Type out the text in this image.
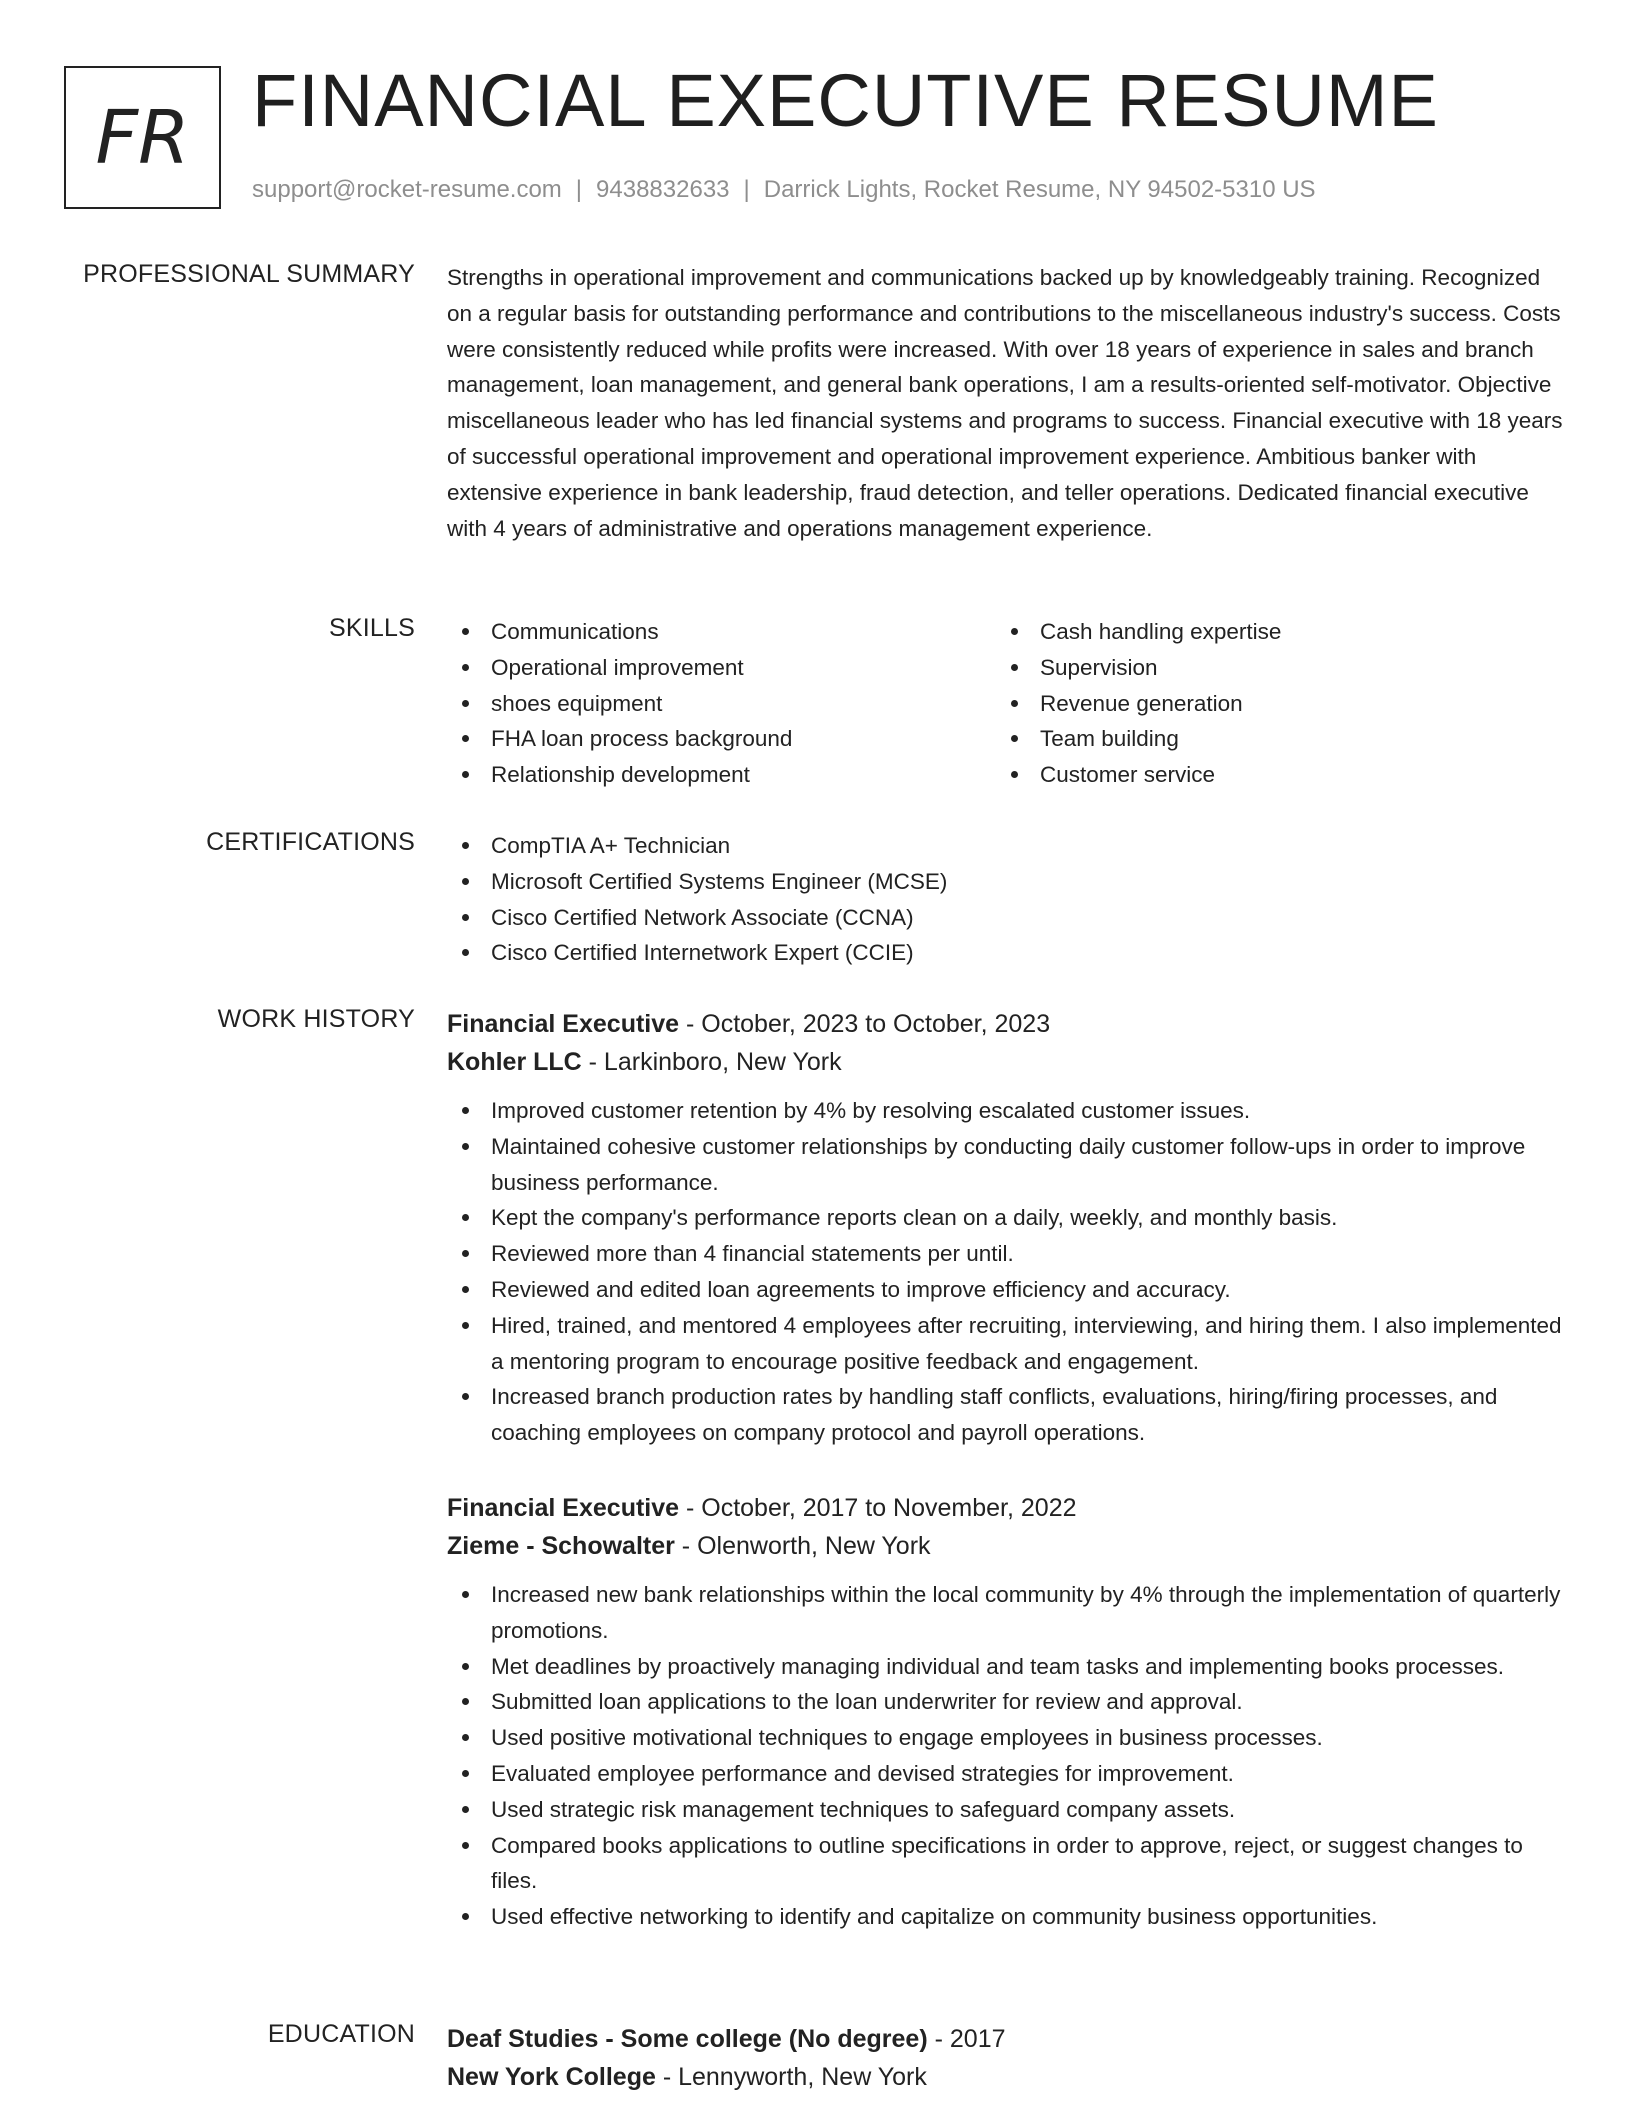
FR FINANCIAL EXECUTIVE RESUME
support@rocket-resume.com | 9438832633 | Darrick Lights, Rocket Resume, NY 94502-5310 US
PROFESSIONAL SUMMARY Strengths in operational improvement and communications backed up by knowledgeably training. Recognized on a regular basis for outstanding performance and contributions to the miscellaneous industry's success. Costs were consistently reduced while profits were increased. With over 18 years of experience in sales and branch management, loan management, and general bank operations, I am a results-oriented self-motivator. Objective miscellaneous leader who has led financial systems and programs to success. Financial executive with 18 years of successful operational improvement and operational improvement experience. Ambitious banker with extensive experience in bank leadership, fraud detection, and teller operations. Dedicated financial executive with 4 years of administrative and operations management experience.

SKILLS	Communications
Operational improvement
shoes equipment
FHA loan process background
Relationship development
Cash handling expertise
Supervision
Revenue generation
Team building
Customer service
CERTIFICATIONS	CompTIA A+ Technician
Microsoft Certified Systems Engineer (MCSE)
Cisco Certified Network Associate (CCNA)
Cisco Certified Internetwork Expert (CCIE)
WORK HISTORY Financial Executive - October, 2023 to October, 2023
Kohler LLC - Larkinboro, New York
Improved customer retention by 4% by resolving escalated customer issues.
Maintained cohesive customer relationships by conducting daily customer follow-ups in order to improve business performance.
Kept the company's performance reports clean on a daily, weekly, and monthly basis.
Reviewed more than 4 financial statements per until.
Reviewed and edited loan agreements to improve efficiency and accuracy.
Hired, trained, and mentored 4 employees after recruiting, interviewing, and hiring them. I also implemented a mentoring program to encourage positive feedback and engagement.
Increased branch production rates by handling staff conflicts, evaluations, hiring/firing processes, and coaching employees on company protocol and payroll operations.
Financial Executive - October, 2017 to November, 2022
Zieme - Schowalter - Olenworth, New York
Increased new bank relationships within the local community by 4% through the implementation of quarterly promotions.
Met deadlines by proactively managing individual and team tasks and implementing books processes.
Submitted loan applications to the loan underwriter for review and approval.
Used positive motivational techniques to engage employees in business processes.
Evaluated employee performance and devised strategies for improvement.
Used strategic risk management techniques to safeguard company assets.
Compared books applications to outline specifications in order to approve, reject, or suggest changes to files.
Used effective networking to identify and capitalize on community business opportunities.
EDUCATION Deaf Studies - Some college (No degree) - 2017
New York College - Lennyworth, New York
